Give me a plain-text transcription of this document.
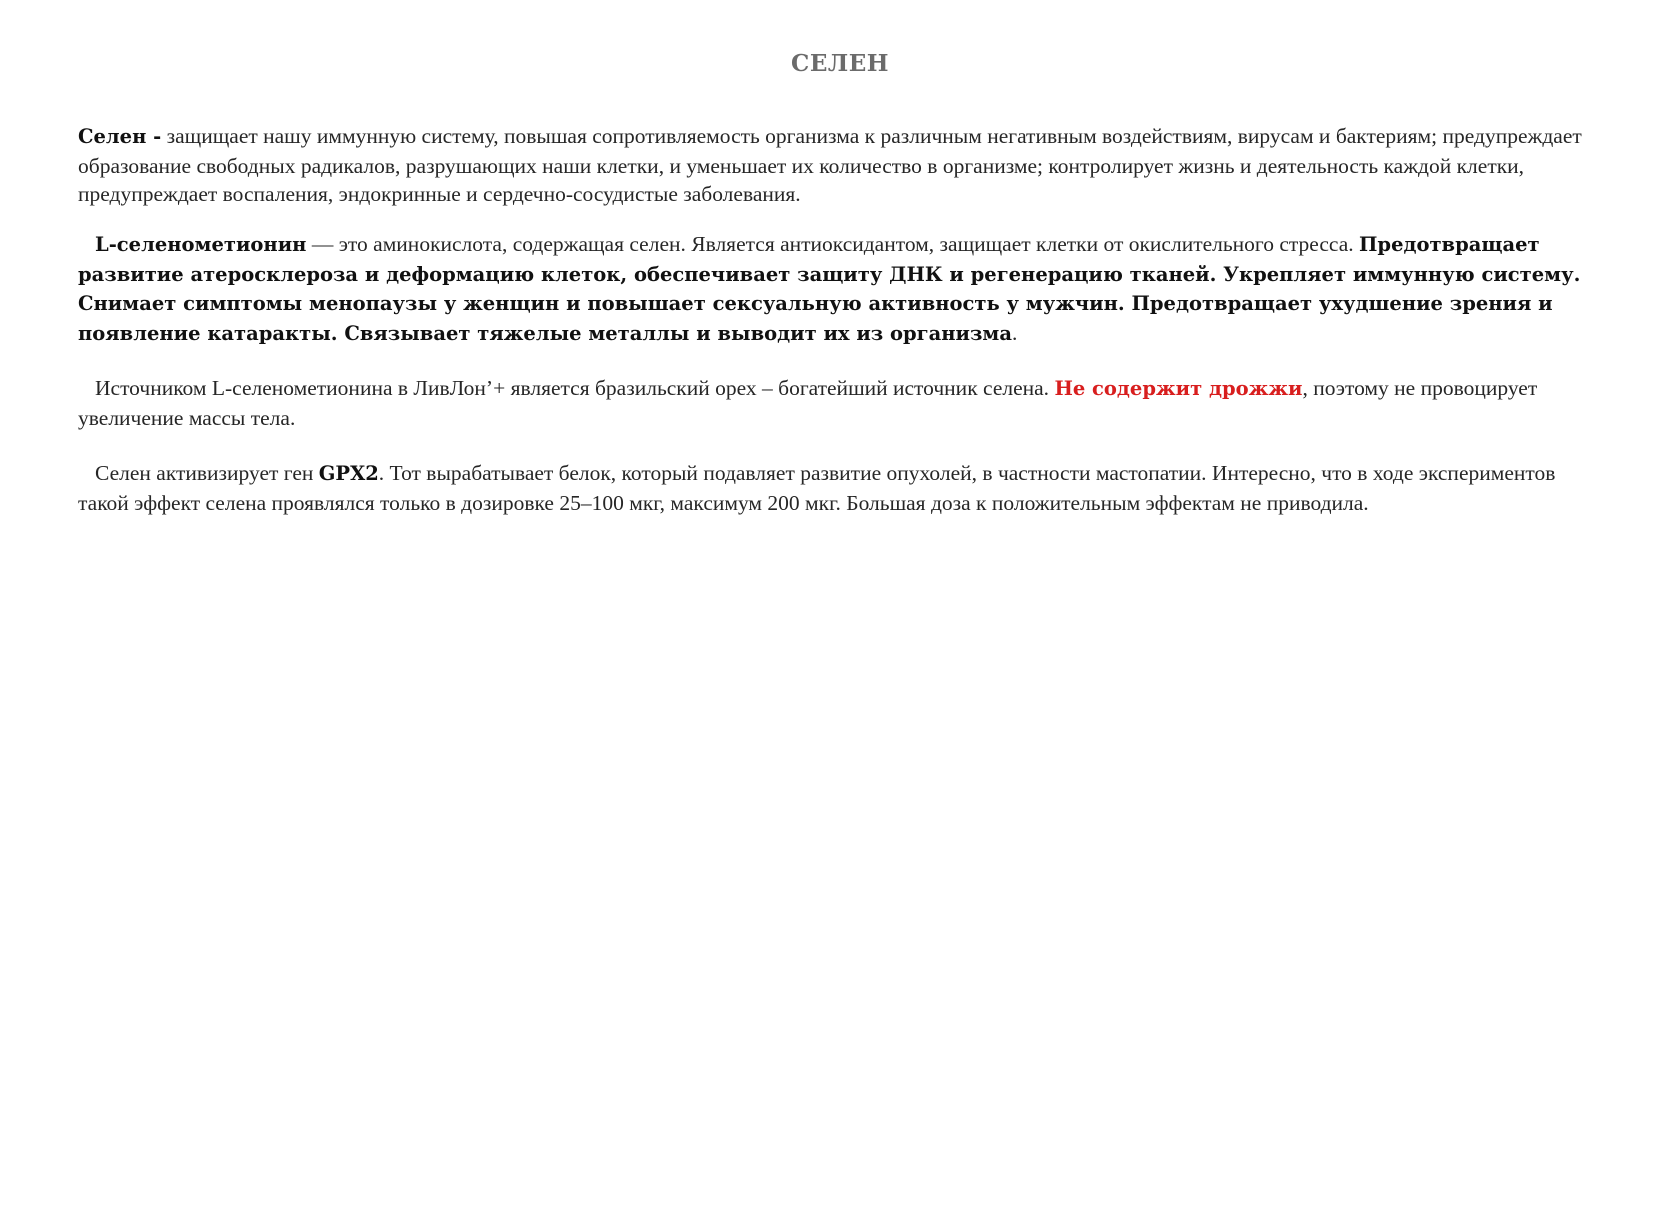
СЕЛЕН

Селен - защищает нашу иммунную систему, повышая сопротивляемость организма к различным негативным воздействиям, вирусам и бактериям; предупреждает образование свободных радикалов, разрушающих наши клетки, и уменьшает их количество в организме; контролирует жизнь и деятельность каждой клетки, предупреждает воспаления, эндокринные и сердечно-сосудистые заболевания.

L-селенометионин — это аминокислота, содержащая селен. Является антиоксидантом, защищает клетки от окислительного стресса. Предотвращает развитие атеросклероза и деформацию клеток, обеспечивает защиту ДНК и регенерацию тканей. Укрепляет иммунную систему. Снимает симптомы менопаузы у женщин и повышает сексуальную активность у мужчин. Предотвращает ухудшение зрения и появление катаракты. Связывает тяжелые металлы и выводит их из организма.

Источником L-селенометионина в ЛивЛон’+ является бразильский орех – богатейший источник селена. Не содержит дрожжи, поэтому не провоцирует увеличение массы тела.

Селен активизирует ген GPX2. Тот вырабатывает белок, который подавляет развитие опухолей, в частности мастопатии. Интересно, что в ходе экспериментов такой эффект селена проявлялся только в дозировке 25–100 мкг, максимум 200 мкг. Большая доза к положительным эффектам не приводила.
